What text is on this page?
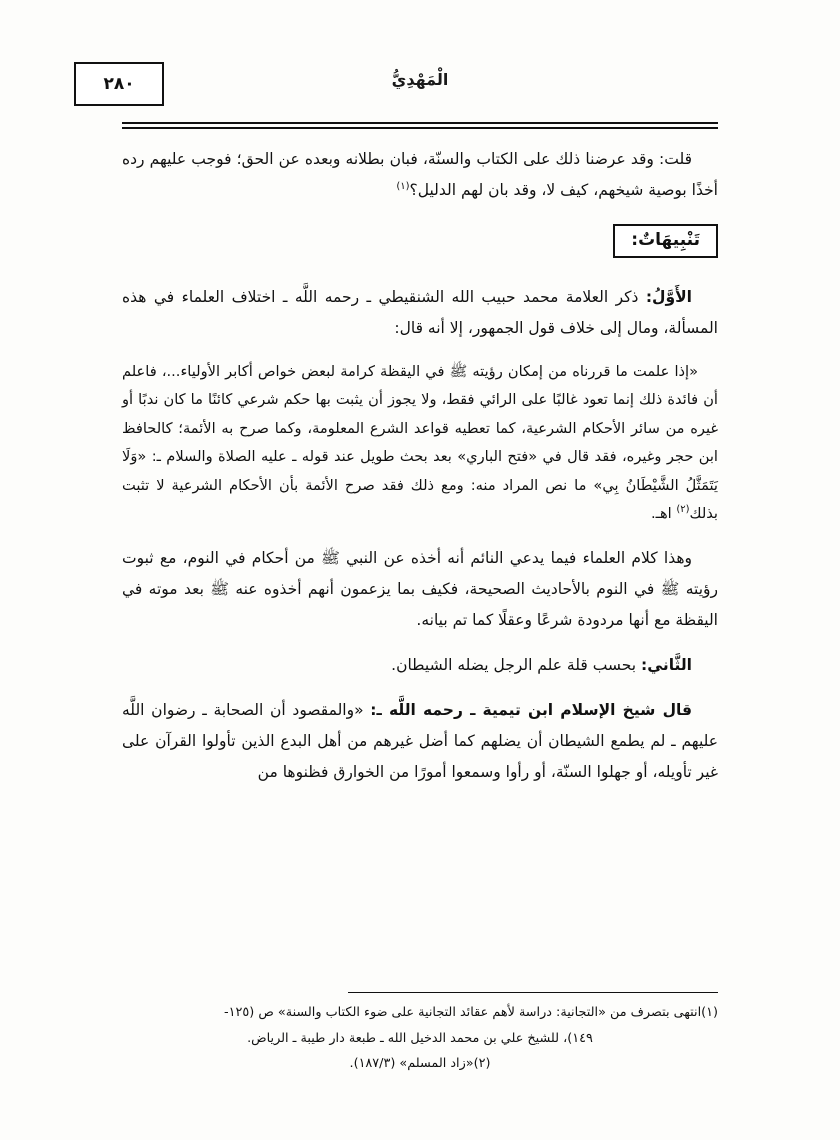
الْمَهْدِيُّ
٢٨٠

قلت: وقد عرضنا ذلك على الكتاب والسنّة، فبان بطلانه وبعده عن الحق؛ فوجب عليهم رده أخذًا بوصية شيخهم، كيف لا، وقد بان لهم الدليل؟$^{(١)}$

تَنْبِيهَاتٌ:

الأَوَّلُ: ذكر العلامة محمد حبيب الله الشنقيطي ـ رحمه اللَّه ـ اختلاف العلماء في هذه المسألة، ومال إلى خلاف قول الجمهور، إلا أنه قال:

«إذا علمت ما قررناه من إمكان رؤيته ﷺ في اليقظة كرامة لبعض خواص أكابر الأولياء...، فاعلم أن فائدة ذلك إنما تعود غالبًا على الرائي فقط، ولا يجوز أن يثبت بها حكم شرعي كائنًا ما كان ندبًا أو غيره من سائر الأحكام الشرعية، كما تعطيه قواعد الشرع المعلومة، وكما صرح به الأئمة؛ كالحافظ ابن حجر وغيره، فقد قال في «فتح الباري» بعد بحث طويل عند قوله ـ عليه الصلاة والسلام ـ: «وَلَا يَتَمَثَّلُ الشَّيْطَانُ بِي» ما نص المراد منه: ومع ذلك فقد صرح الأئمة بأن الأحكام الشرعية لا تثبت بذلك$^{(٢)}$ اهـ.

وهذا كلام العلماء فيما يدعي النائم أنه أخذه عن النبي ﷺ من أحكام في النوم، مع ثبوت رؤيته ﷺ في النوم بالأحاديث الصحيحة، فكيف بما يزعمون أنهم أخذوه عنه ﷺ بعد موته في اليقظة مع أنها مردودة شرعًا وعقلًا كما تم بيانه.

الثَّاني: بحسب قلة علم الرجل يضله الشيطان.

قال شيخ الإسلام ابن تيمية ـ رحمه اللَّه ـ: «والمقصود أن الصحابة ـ رضوان اللَّه عليهم ـ لم يطمع الشيطان أن يضلهم كما أضل غيرهم من أهل البدع الذين تأولوا القرآن على غير تأويله، أو جهلوا السنّة، أو رأوا وسمعوا أمورًا من الخوارق فظنوها من

(١)انتهى بتصرف من «التجانية: دراسة لأهم عقائد التجانية على ضوء الكتاب والسنة» ص (١٢٥-

١٤٩)، للشيخ علي بن محمد الدخيل الله ـ طبعة دار طيبة ـ الرياض.

(٢)«زاد المسلم» (١٨٧/٣).
